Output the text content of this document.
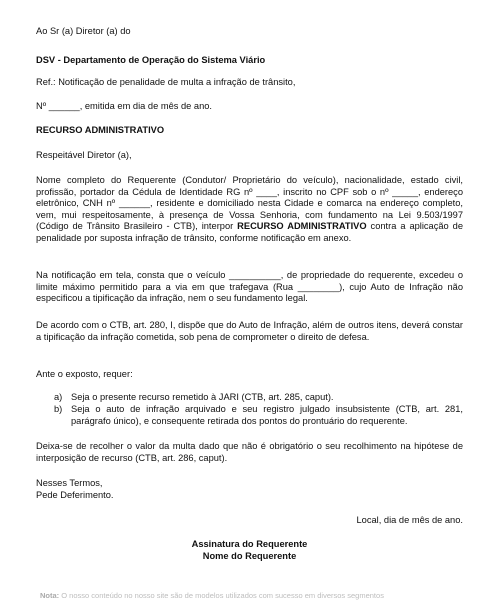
Ao Sr (a) Diretor (a) do

DSV - Departamento de Operação do Sistema Viário

Ref.: Notificação de penalidade de multa a infração de trânsito,

Nº ______, emitida em dia de mês de ano.

RECURSO ADMINISTRATIVO

Respeitável Diretor (a),

Nome completo do Requerente (Condutor/ Proprietário do veículo), nacionalidade, estado civil, profissão, portador da Cédula de Identidade RG nº ____, inscrito no CPF sob o nº _____, endereço eletrônico, CNH nº ______, residente e domiciliado nesta Cidade e comarca na endereço completo, vem, mui respeitosamente, à presença de Vossa Senhoria, com fundamento na Lei 9.503/1997 (Código de Trânsito Brasileiro - CTB), interpor RECURSO ADMINISTRATIVO contra a aplicação de penalidade por suposta infração de trânsito, conforme notificação em anexo.

Na notificação em tela, consta que o veículo __________, de propriedade do requerente, excedeu o limite máximo permitido para a via em que trafegava (Rua ________), cujo Auto de Infração não especificou a tipificação da infração, nem o seu fundamento legal.

De acordo com o CTB, art. 280, I, dispõe que do Auto de Infração, além de outros itens, deverá constar a tipificação da infração cometida, sob pena de comprometer o direito de defesa.

Ante o exposto, requer:

a) Seja o presente recurso remetido à JARI (CTB, art. 285, caput).
b) Seja o auto de infração arquivado e seu registro julgado insubsistente (CTB, art. 281, parágrafo único), e consequente retirada dos pontos do prontuário do requerente.

Deixa-se de recolher o valor da multa dado que não é obrigatório o seu recolhimento na hipótese de interposição de recurso (CTB, art. 286, caput).

Nesses Termos,

Pede Deferimento.

Local, dia de mês de ano.

Assinatura do Requerente

Nome do Requerente

Nota: O nosso conteúdo no nosso site são de modelos utilizados com sucesso em diversos segmentos
